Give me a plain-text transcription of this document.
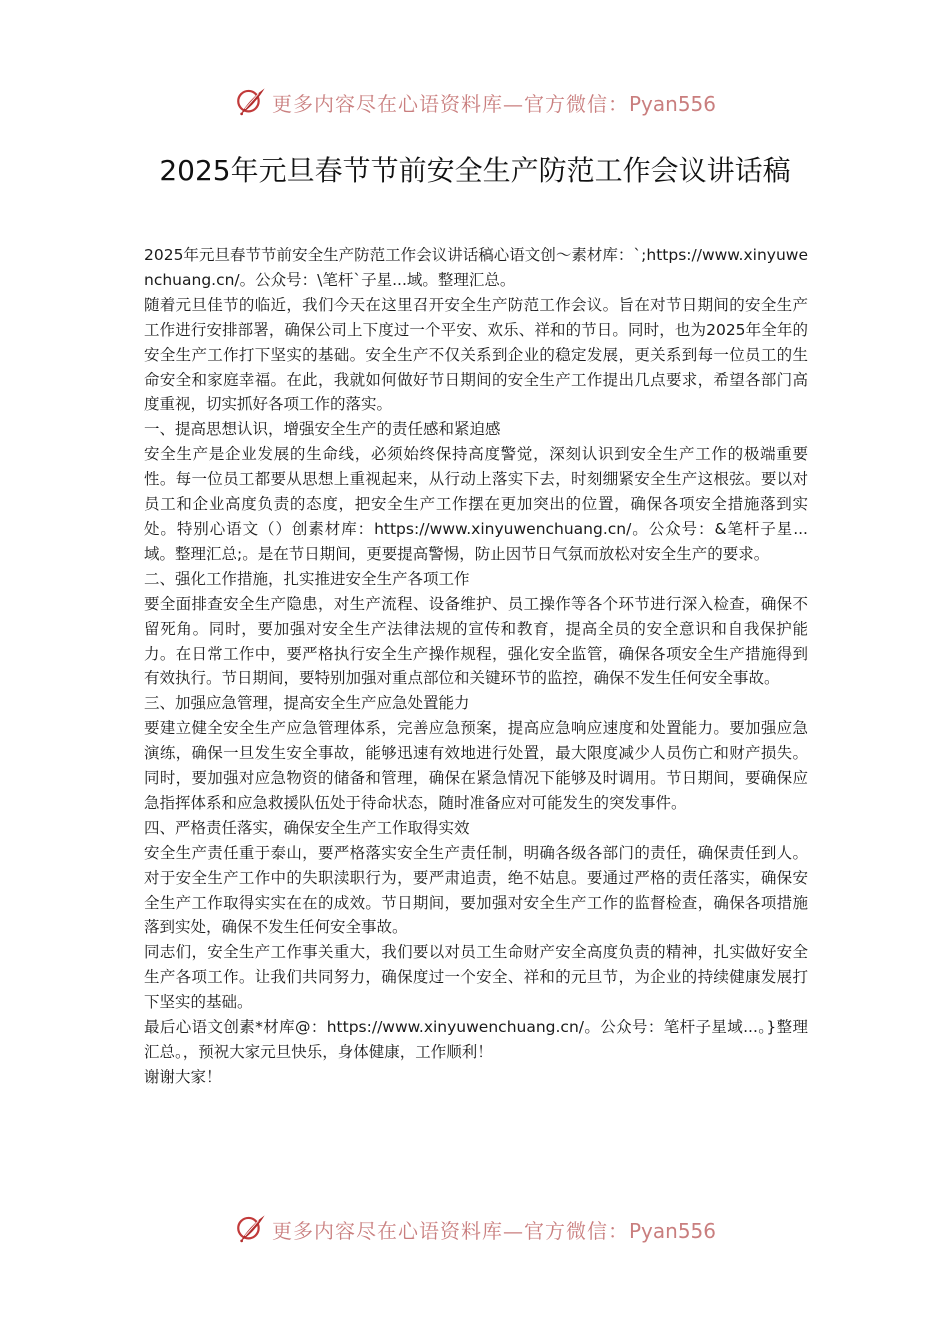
更多内容尽在心语资料库—官方微信：Pyan556
2025年元旦春节节前安全生产防范工作会议讲话稿

2025年元旦春节节前安全生产防范工作会议讲话稿心语文创～素材库：`;https://www.xinyuwenchuang.cn/。公众号：\笔杆`子星...域。整理汇总。

随着元旦佳节的临近，我们今天在这里召开安全生产防范工作会议。旨在对节日期间的安全生产工作进行安排部署，确保公司上下度过一个平安、欢乐、祥和的节日。同时，也为2025年全年的安全生产工作打下坚实的基础。安全生产不仅关系到企业的稳定发展，更关系到每一位员工的生命安全和家庭幸福。在此，我就如何做好节日期间的安全生产工作提出几点要求，希望各部门高度重视，切实抓好各项工作的落实。

一、提高思想认识，增强安全生产的责任感和紧迫感

安全生产是企业发展的生命线，必须始终保持高度警觉，深刻认识到安全生产工作的极端重要性。每一位员工都要从思想上重视起来，从行动上落实下去，时刻绷紧安全生产这根弦。要以对员工和企业高度负责的态度，把安全生产工作摆在更加突出的位置，确保各项安全措施落到实处。特别心语文（）创素材库：https://www.xinyuwenchuang.cn/。公众号：&笔杆子星...域。整理汇总;。是在节日期间，更要提高警惕，防止因节日气氛而放松对安全生产的要求。

二、强化工作措施，扎实推进安全生产各项工作

要全面排查安全生产隐患，对生产流程、设备维护、员工操作等各个环节进行深入检查，确保不留死角。同时，要加强对安全生产法律法规的宣传和教育，提高全员的安全意识和自我保护能力。在日常工作中，要严格执行安全生产操作规程，强化安全监管，确保各项安全生产措施得到有效执行。节日期间，要特别加强对重点部位和关键环节的监控，确保不发生任何安全事故。

三、加强应急管理，提高安全生产应急处置能力

要建立健全安全生产应急管理体系，完善应急预案，提高应急响应速度和处置能力。要加强应急演练，确保一旦发生安全事故，能够迅速有效地进行处置，最大限度减少人员伤亡和财产损失。同时，要加强对应急物资的储备和管理，确保在紧急情况下能够及时调用。节日期间，要确保应急指挥体系和应急救援队伍处于待命状态，随时准备应对可能发生的突发事件。

四、严格责任落实，确保安全生产工作取得实效

安全生产责任重于泰山，要严格落实安全生产责任制，明确各级各部门的责任，确保责任到人。对于安全生产工作中的失职渎职行为，要严肃追责，绝不姑息。要通过严格的责任落实，确保安全生产工作取得实实在在的成效。节日期间，要加强对安全生产工作的监督检查，确保各项措施落到实处，确保不发生任何安全事故。

同志们，安全生产工作事关重大，我们要以对员工生命财产安全高度负责的精神，扎实做好安全生产各项工作。让我们共同努力，确保度过一个安全、祥和的元旦节，为企业的持续健康发展打下坚实的基础。

最后心语文创素*材库@：https://www.xinyuwenchuang.cn/。公众号：笔杆子星域...。}整理汇总。，预祝大家元旦快乐，身体健康，工作顺利！

谢谢大家！

更多内容尽在心语资料库—官方微信：Pyan556
